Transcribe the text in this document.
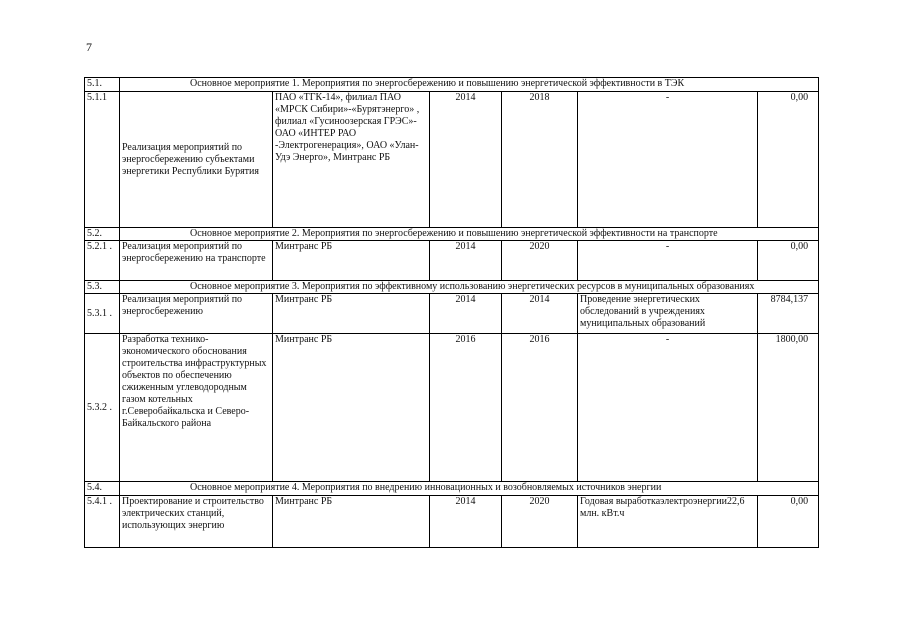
7
5.1.	Основное мероприятие 1. Мероприятия по энергосбережению и повышению энергетической эффективности в ТЭК					
5.1.1	Реализация мероприятий по энергосбережению субъектами энергетики Республики Бурятия	ПАО «ТГК-14», филиал ПАО «МРСК Сибири»-«Бурятэнерго» , филиал «Гусиноозерская ГРЭС»-ОАО «ИНТЕР РАО -Электрогенерация», ОАО «Улан-Удэ Энерго», Минтранс РБ	2014	2018	-	0,00
5.2.	Основное мероприятие 2. Мероприятия по энергосбережению и повышению энергетической эффективности на транспорте					
5.2.1 .	Реализация мероприятий по энергосбережению на транспорте	Минтранс РБ	2014	2020	-	0,00
5.3.	Основное мероприятие 3. Мероприятия по эффективному использованию энергетических ресурсов в муниципальных образованиях					
5.3.1 .	Реализация мероприятий по энергосбережению	Минтранс РБ	2014	2014	Проведение энергетических обследований в учреждениях муниципальных образований	8784,137
5.3.2 .	Разработка технико-экономического обоснования строительства инфраструктурных объектов по обеспечению сжиженным углеводородным газом котельных г.Северобайкальска и Северо-Байкальского района	Минтранс РБ	2016	2016	-	1800,00
5.4.	Основное мероприятие 4. Мероприятия по внедрению инновационных и возобновляемых источников энергии					
5.4.1 .	Проектирование и строительство электрических станций, использующих энергию	Минтранс РБ	2014	2020	Годовая выработкаэлектроэнергии22,6 млн. кВт.ч	0,00
